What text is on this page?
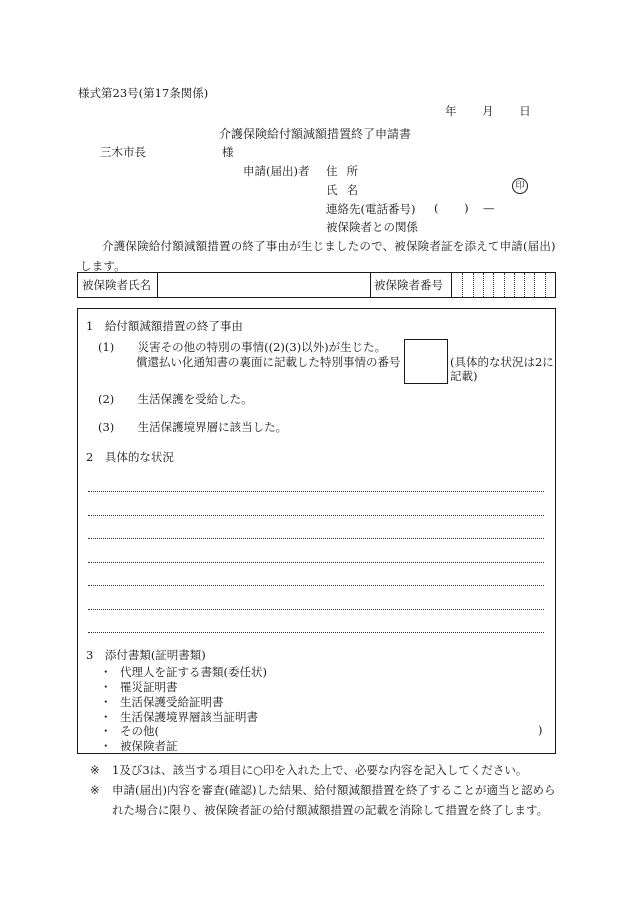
様式第23号(第17条関係)
年 月 日
介護保険給付額減額措置終了申請書
三木市長	様
申請(届出)者 住所
氏名	印
連絡先(電話番号) ( ) —
被保険者との関係
介護保険給付額減額措置の終了事由が生じましたので、被保険者証を添えて申請(届出)します。
被保険者氏名	被保険者番号
1　給付額減額措置の終了事由
(1) 災害その他の特別の事情((2)(3)以外)が生じた。
償還払い化通知書の裏面に記載した特別事情の番号	(具体的な状況は2に記載)
(2) 生活保護を受給した。
(3) 生活保護境界層に該当した。
2　具体的な状況
3　添付書類(証明書類)
・ 代理人を証する書類(委任状)
・ 罹災証明書
・ 生活保護受給証明書
・ 生活保護境界層該当証明書
・ その他(	)
・ 被保険者証
※	1及び3は、該当する項目に○印を入れた上で、必要な内容を記入してください。
※	申請(届出)内容を審査(確認)した結果、給付額減額措置を終了することが適当と認められた場合に限り、被保険者証の給付額減額措置の記載を消除して措置を終了します。
